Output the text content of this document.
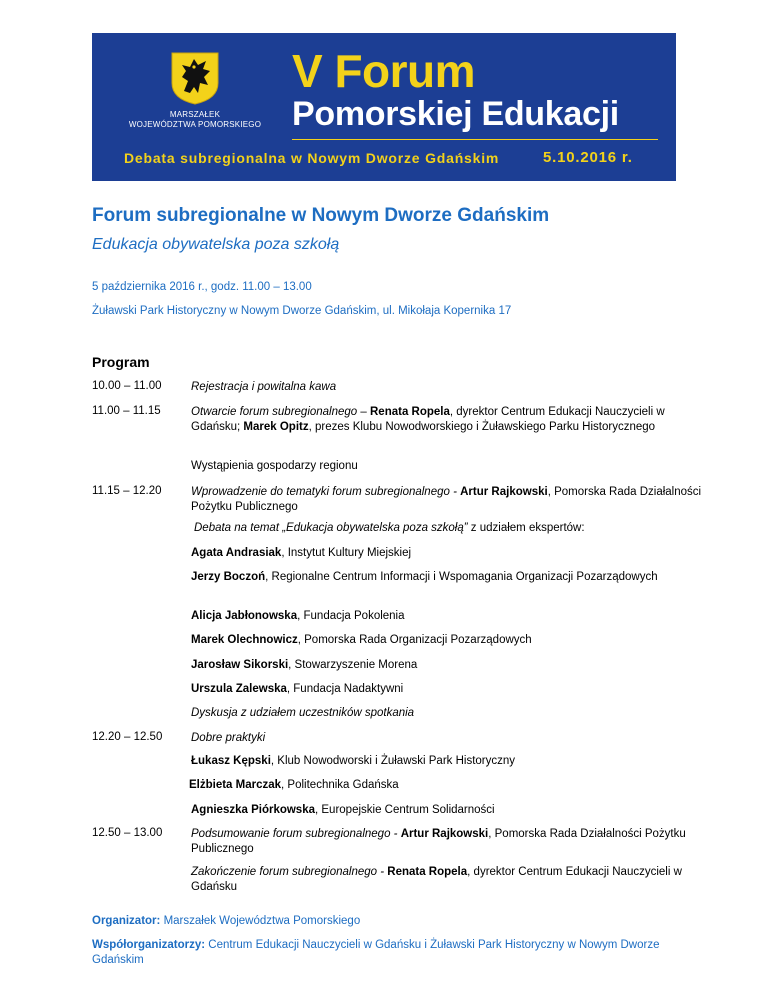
MARSZAŁEK
WOJEWÓDZTWA POMORSKIEGO
V Forum
Pomorskiej Edukacji
Debata subregionalna w Nowym Dworze Gdańskim	5.10.2016 r.
Forum subregionalne w Nowym Dworze Gdańskim
Edukacja obywatelska poza szkołą
5 października 2016 r., godz. 11.00 – 13.00
Żuławski Park Historyczny w Nowym Dworze Gdańskim, ul. Mikołaja Kopernika 17
Program
10.00 – 11.00	Rejestracja i powitalna kawa
11.00 – 11.15	Otwarcie forum subregionalnego – Renata Ropela, dyrektor Centrum Edukacji Nauczycieli w Gdańsku; Marek Opitz, prezes Klubu Nowodworskiego i Żuławskiego Parku Historycznego
Wystąpienia gospodarzy regionu
11.15 – 12.20	Wprowadzenie do tematyki forum subregionalnego - Artur Rajkowski, Pomorska Rada Działalności Pożytku Publicznego
Debata na temat „Edukacja obywatelska poza szkołą” z udziałem ekspertów:
Agata Andrasiak, Instytut Kultury Miejskiej
Jerzy Boczoń, Regionalne Centrum Informacji i Wspomagania Organizacji Pozarządowych
Alicja Jabłonowska, Fundacja Pokolenia
Marek Olechnowicz, Pomorska Rada Organizacji Pozarządowych
Jarosław Sikorski, Stowarzyszenie Morena
Urszula Zalewska, Fundacja Nadaktywni
Dyskusja z udziałem uczestników spotkania
12.20 – 12.50 Dobre praktyki
Łukasz Kępski, Klub Nowodworski i Żuławski Park Historyczny
Elżbieta Marczak, Politechnika Gdańska
Agnieszka Piórkowska, Europejskie Centrum Solidarności
12.50 – 13.00 Podsumowanie forum subregionalnego - Artur Rajkowski, Pomorska Rada Działalności Pożytku Publicznego
Zakończenie forum subregionalnego - Renata Ropela, dyrektor Centrum Edukacji Nauczycieli w Gdańsku
Organizator: Marszałek Województwa Pomorskiego
Współorganizatorzy: Centrum Edukacji Nauczycieli w Gdańsku i Żuławski Park Historyczny w Nowym Dworze Gdańskim
